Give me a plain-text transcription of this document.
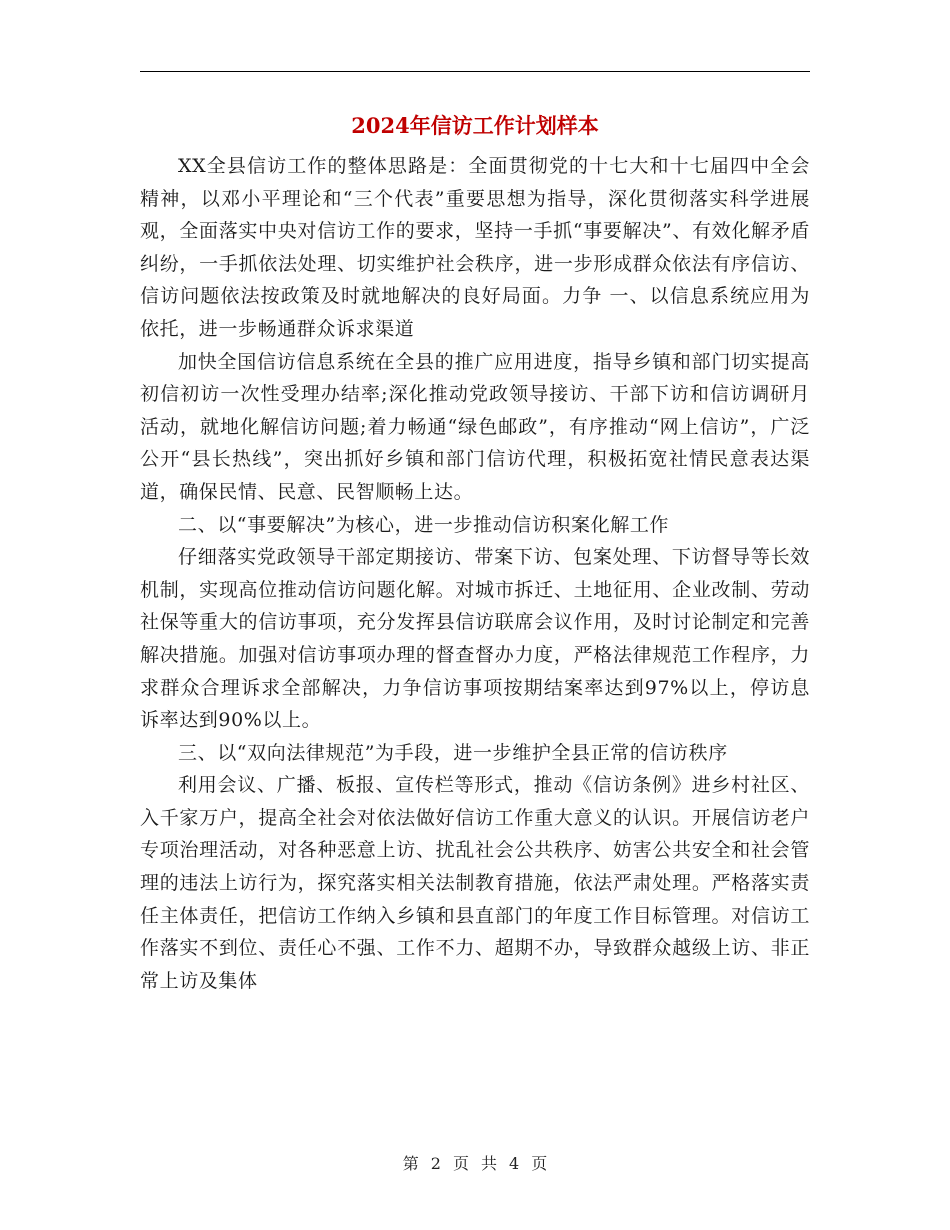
2024年信访工作计划样本

XX全县信访工作的整体思路是：全面贯彻党的十七大和十七届四中全会精神，以邓小平理论和“三个代表”重要思想为指导，深化贯彻落实科学进展观，全面落实中央对信访工作的要求，坚持一手抓“事要解决”、有效化解矛盾纠纷，一手抓依法处理、切实维护社会秩序，进一步形成群众依法有序信访、信访问题依法按政策及时就地解决的良好局面。力争 一、以信息系统应用为依托，进一步畅通群众诉求渠道

加快全国信访信息系统在全县的推广应用进度，指导乡镇和部门切实提高初信初访一次性受理办结率;深化推动党政领导接访、干部下访和信访调研月活动，就地化解信访问题;着力畅通“绿色邮政”，有序推动“网上信访”，广泛公开“县长热线”，突出抓好乡镇和部门信访代理，积极拓宽社情民意表达渠道，确保民情、民意、民智顺畅上达。

二、以“事要解决”为核心，进一步推动信访积案化解工作

仔细落实党政领导干部定期接访、带案下访、包案处理、下访督导等长效机制，实现高位推动信访问题化解。对城市拆迁、土地征用、企业改制、劳动社保等重大的信访事项，充分发挥县信访联席会议作用，及时讨论制定和完善解决措施。加强对信访事项办理的督查督办力度，严格法律规范工作程序，力求群众合理诉求全部解决，力争信访事项按期结案率达到97%以上，停访息诉率达到90%以上。

三、以“双向法律规范”为手段，进一步维护全县正常的信访秩序

利用会议、广播、板报、宣传栏等形式，推动《信访条例》进乡村社区、入千家万户，提高全社会对依法做好信访工作重大意义的认识。开展信访老户专项治理活动，对各种恶意上访、扰乱社会公共秩序、妨害公共安全和社会管理的违法上访行为，探究落实相关法制教育措施，依法严肃处理。严格落实责任主体责任，把信访工作纳入乡镇和县直部门的年度工作目标管理。对信访工作落实不到位、责任心不强、工作不力、超期不办，导致群众越级上访、非正常上访及集体

第 2 页 共 4 页
